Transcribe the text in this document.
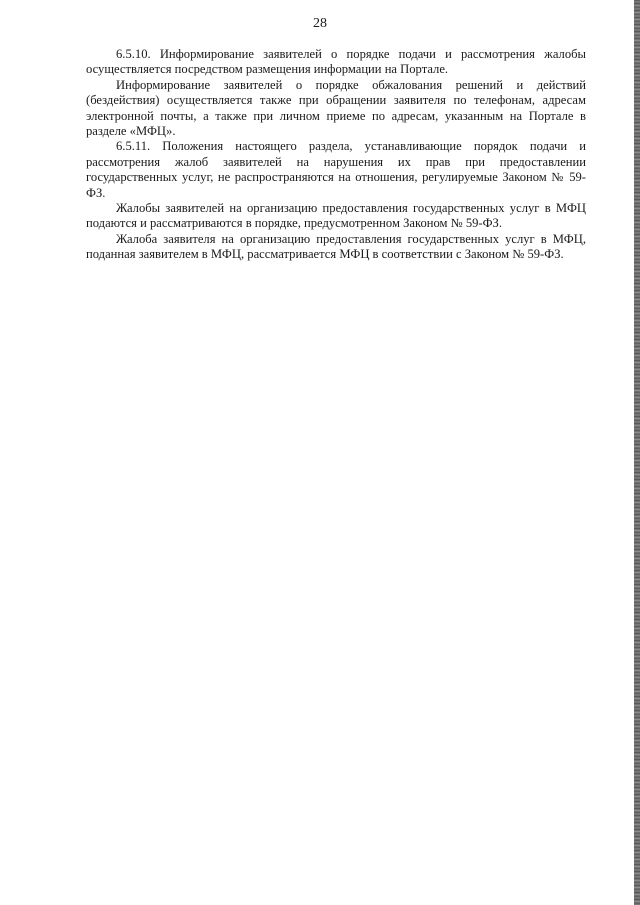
28

6.5.10. Информирование заявителей о порядке подачи и рассмотрения жалобы осуществляется посредством размещения информации на Портале.

Информирование заявителей о порядке обжалования решений и действий (бездействия) осуществляется также при обращении заявителя по телефонам, адресам электронной почты, а также при личном приеме по адресам, указанным на Портале в разделе «МФЦ».

6.5.11. Положения настоящего раздела, устанавливающие порядок подачи и рассмотрения жалоб заявителей на нарушения их прав при предоставлении государственных услуг, не распространяются на отношения, регулируемые Законом № 59-ФЗ.

Жалобы заявителей на организацию предоставления государственных услуг в МФЦ подаются и рассматриваются в порядке, предусмотренном Законом № 59-ФЗ.

Жалоба заявителя на организацию предоставления государственных услуг в МФЦ, поданная заявителем в МФЦ, рассматривается МФЦ в соответствии с Законом № 59-ФЗ.
